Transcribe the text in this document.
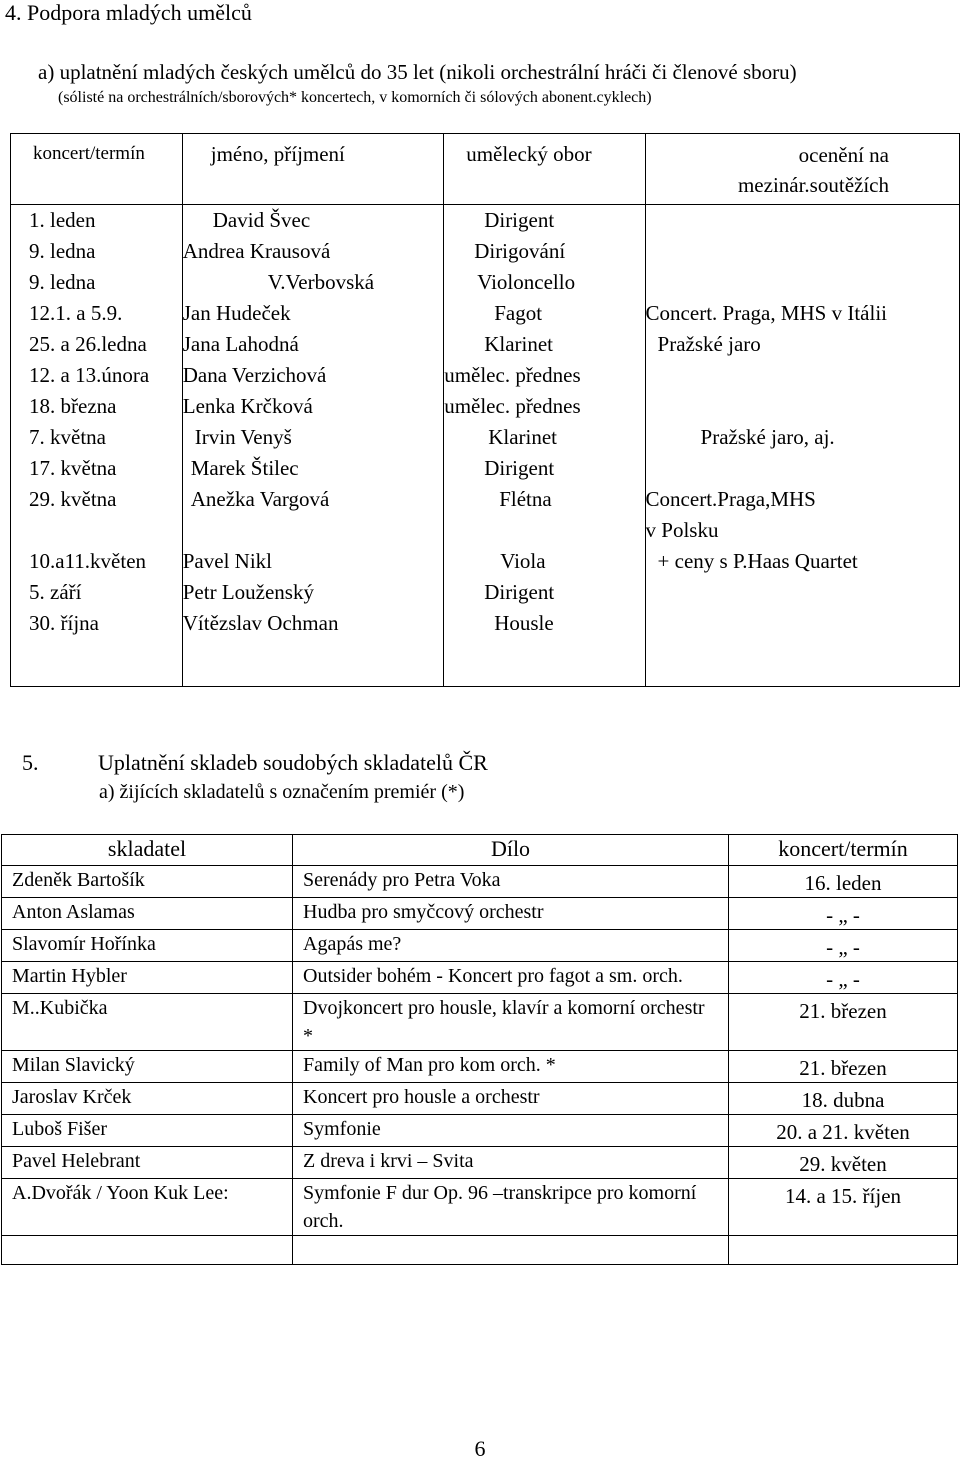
4. Podpora mladých umělců
a) uplatnění mladých českých umělců do 35 let (nikoli orchestrální hráči či členové sboru)
(sólisté na orchestrálních/sborových* koncertech, v komorních či sólových abonent.cyklech)
koncert/termín	jméno, příjmení	umělecký obor	ocenění na mezinár.soutěžích

1. leden	David Švec	Dirigent	

9. ledna	Andrea Krausová	Dirigování	

9. ledna	V.Verbovská	Violoncello	

12.1. a 5.9.	Jan Hudeček	Fagot	Concert. Praga, MHS v Itálii

25. a 26.ledna	Jana Lahodná	Klarinet	Pražské jaro

12. a 13.února	Dana Verzichová	umělec. přednes	

18. března	Lenka Krčková	umělec. přednes	

7. května	Irvin Venyš	Klarinet	Pražské jaro, aj.

17. května	Marek Štilec	Dirigent	

29. května	Anežka Vargová	Flétna	Concert.Praga,MHS
v Polsku

10.a11.květen	Pavel Nikl	Viola	+ ceny s P.Haas Quartet

5. září	Petr Louženský	Dirigent	

30. října	Vítězslav Ochman	Housle	

5.	Uplatnění skladeb soudobých skladatelů ČR
a) žijících skladatelů s označením premiér (*)
skladatel	Dílo	koncert/termín
Zdeněk Bartošík	Serenády pro Petra Voka	16. leden
Anton Aslamas	Hudba pro smyčcový orchestr	- „ -
Slavomír Hořínka	Agapás me?	- „ -
Martin Hybler	Outsider bohém - Koncert pro fagot a sm. orch.	- „ -
M..Kubička	Dvojkoncert pro housle, klavír a komorní orchestr *	21. březen
Milan Slavický	Family of Man pro kom orch. *	21. březen
Jaroslav Krček	Koncert pro housle a orchestr	18. dubna
Luboš Fišer	Symfonie	20. a 21. květen
Pavel Helebrant	Z dreva i krvi – Svita	29. květen
A.Dvořák / Yoon Kuk Lee:	Symfonie F dur Op. 96 –transkripce pro komorní orch.	14. a 15. říjen

6
